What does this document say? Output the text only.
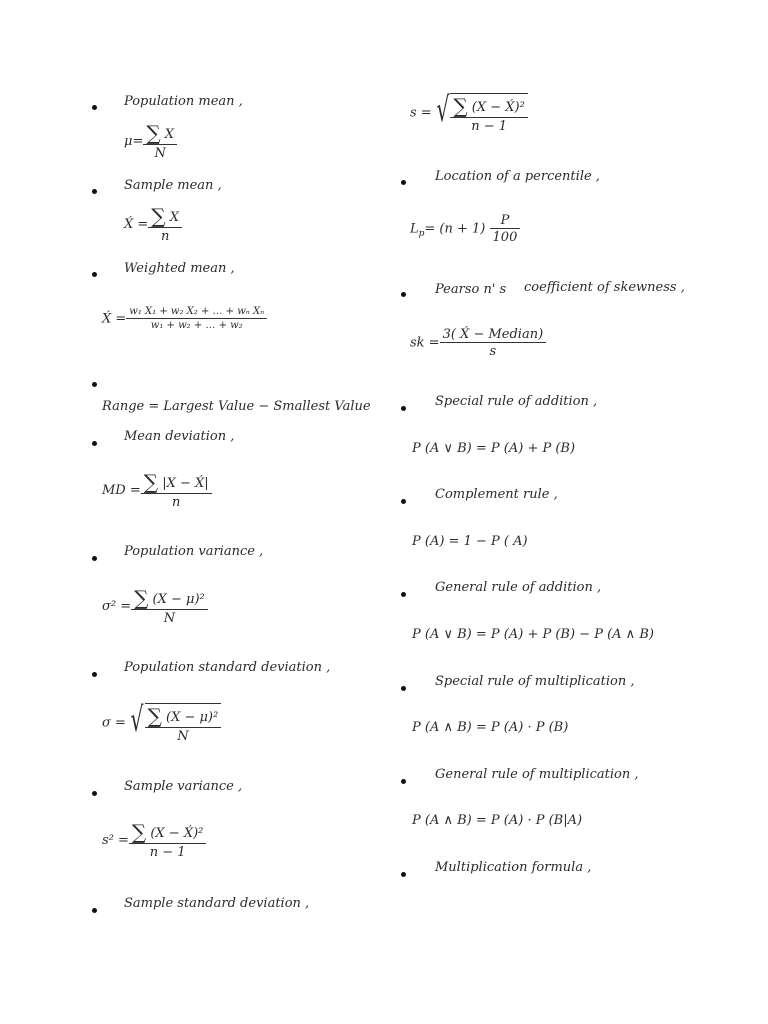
Population mean ,
$\mu= \frac{\sum X}{N}$
Sample mean ,
X́ = $\frac{\sum X}{n}$
Weighted mean ,
X́ = $\frac{\text{w₁ X₁ + w₂ X₂ + … + wₙ Xₙ}}{\text{w₁ + w₂ + … + w₂}}$
Range = Largest Value − Smallest Value
Mean deviation ,
MD = $\frac{\sum |X - X́|}{n}$
Population variance ,
$\sigma^2 = \frac{\text{∑ (X − μ)²}}{N}$
Population standard deviation ,
σ = √ $\frac{\text{∑ (X − μ)²}}{N}$
Sample variance ,
$s^2 = \frac{\text{∑ (X − X́)²}}{n - 1}$
Sample standard deviation ,
s = √ $\frac{\text{∑ (X − X́)²}}{n - 1}$
Location of a percentile ,
$L_p= (n + 1) \frac{P}{100}$
Pearso n' s coefficient of skewness ,
sk = $\frac{\text{3( X́ − Median)}}{s}$
Special rule of addition ,
P (A ∨ B) = P (A) + P (B)
Complement rule ,
P (A) = 1 − P ( A)
General rule of addition ,
P (A ∨ B) = P (A) + P (B) − P (A ∧ B)
Special rule of multiplication ,
P (A ∧ B) = P (A) · P (B)
General rule of multiplication ,
P (A ∧ B) = P (A) · P (B|A)
Multiplication formula ,
